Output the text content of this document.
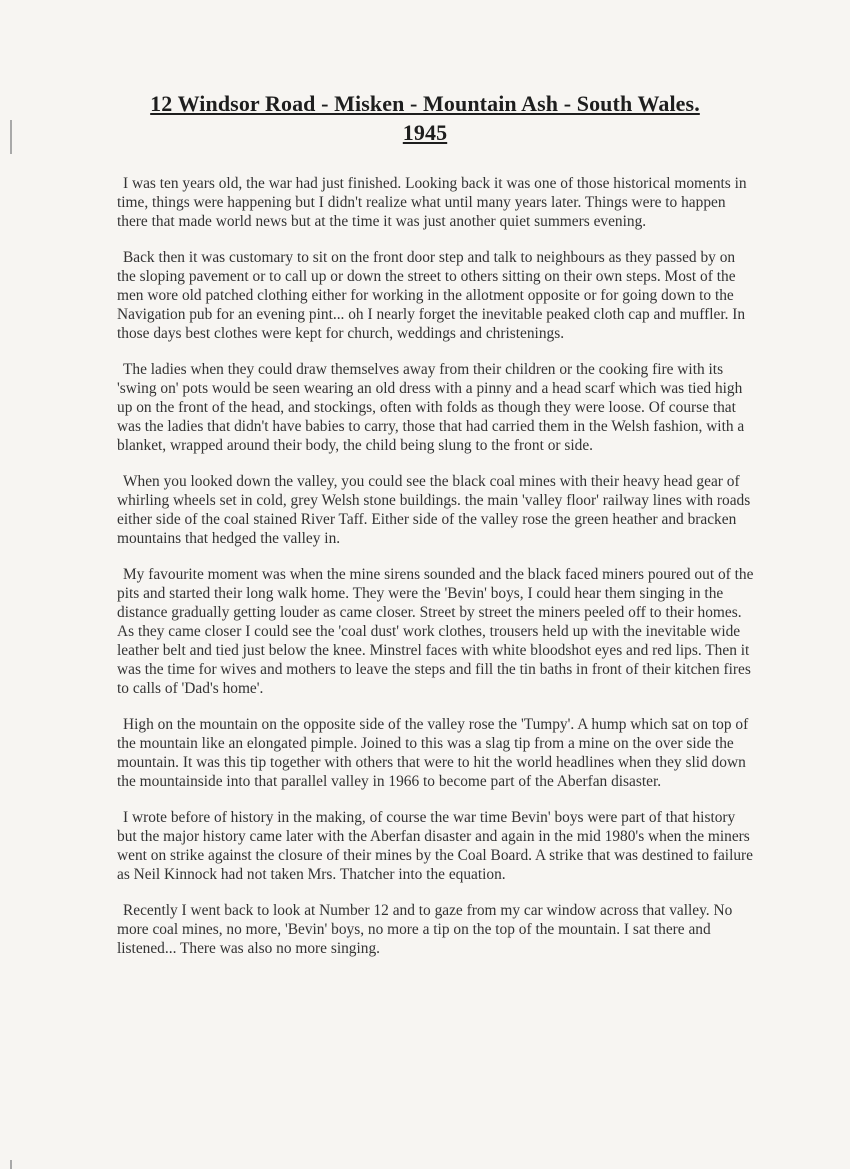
12 Windsor Road - Misken - Mountain Ash - South Wales.
1945

I was ten years old, the war had just finished. Looking back it was one of those historical moments in time, things were happening but I didn't realize what until many years later. Things were to happen there that made world news but at the time it was just another quiet summers evening.

Back then it was customary to sit on the front door step and talk to neighbours as they passed by on the sloping pavement or to call up or down the street to others sitting on their own steps. Most of the men wore old patched clothing either for working in the allotment opposite or for going down to the Navigation pub for an evening pint... oh I nearly forget the inevitable peaked cloth cap and muffler. In those days best clothes were kept for church, weddings and christenings.

The ladies when they could draw themselves away from their children or the cooking fire with its 'swing on' pots would be seen wearing an old dress with a pinny and a head scarf which was tied high up on the front of the head, and stockings, often with folds as though they were loose. Of course that was the ladies that didn't have babies to carry, those that had carried them in the Welsh fashion, with a blanket, wrapped around their body, the child being slung to the front or side.

When you looked down the valley, you could see the black coal mines with their heavy head gear of whirling wheels set in cold, grey Welsh stone buildings. the main 'valley floor' railway lines with roads either side of the coal stained River Taff. Either side of the valley rose the green heather and bracken mountains that hedged the valley in.

My favourite moment was when the mine sirens sounded and the black faced miners poured out of the pits and started their long walk home. They were the 'Bevin' boys, I could hear them singing in the distance gradually getting louder as came closer. Street by street the miners peeled off to their homes. As they came closer I could see the 'coal dust' work clothes, trousers held up with the inevitable wide leather belt and tied just below the knee. Minstrel faces with white bloodshot eyes and red lips. Then it was the time for wives and mothers to leave the steps and fill the tin baths in front of their kitchen fires to calls of 'Dad's home'.

High on the mountain on the opposite side of the valley rose the 'Tumpy'. A hump which sat on top of the mountain like an elongated pimple. Joined to this was a slag tip from a mine on the over side the mountain. It was this tip together with others that were to hit the world headlines when they slid down the mountainside into that parallel valley in 1966 to become part of the Aberfan disaster.

I wrote before of history in the making, of course the war time Bevin' boys were part of that history but the major history came later with the Aberfan disaster and again in the mid 1980's when the miners went on strike against the closure of their mines by the Coal Board. A strike that was destined to failure as Neil Kinnock had not taken Mrs. Thatcher into the equation.

Recently I went back to look at Number 12 and to gaze from my car window across that valley. No more coal mines, no more, 'Bevin' boys, no more a tip on the top of the mountain. I sat there and listened... There was also no more singing.
